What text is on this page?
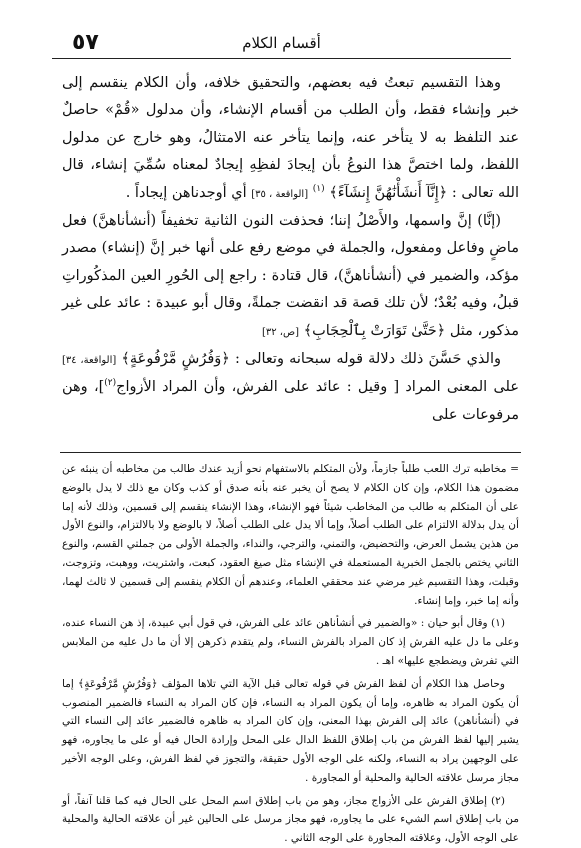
٥٧	أقسام الكلام

وهذا التقسيم تبعتُ فيه بعضهم، والتحقيق خلافه، وأن الكلام ينقسم إلى خبر وإنشاء فقط، وأن الطلب من أقسام الإنشاء، وأن مدلول «قُمْ» حاصلٌ عند التلفظ به لا يتأخر عنه، وإنما يتأخر عنه الامتثالُ، وهو خارج عن مدلول اللفظ، ولما اختصَّ هذا النوعُ بأن إيجادَ لفظِهِ إيجادٌ لمعناه سُمِّيَ إنشاء، قال الله تعالى : ﴿إِنَّآ أَنشَأْنَٰهُنَّ إِنشَآءً﴾ $^{(١)}$ [الواقعة ، ٣٥] أي أوجدناهن إيجاداً .

(إنَّا) إنَّ واسمها، والأَصْلُ إننا؛ فحذفت النون الثانية تخفيفاً (أنشأناهنَّ) فعل ماضٍ وفاعل ومفعول، والجملة في موضع رفع على أنها خبر إنَّ (إنشاء) مصدر مؤكد، والضمير في (أنشأناهنَّ)، قال قتادة : راجع إلى الحُورِ العين المذكُوراتِ قبلُ، وفيه بُعْدٌ؛ لأن تلك قصة قد انقضت جملةً، وقال أبو عبيدة : عائد على غير مذكور، مثل ﴿حَتَّىٰ تَوَارَتْ بِٱلْحِجَابِ﴾ [ص، ٣٢]

والذي حَسَّنَ ذلك دلالة قوله سبحانه وتعالى : ﴿وَفُرُشٍ مَّرْفُوعَةٍ﴾ [الواقعة، ٣٤] على المعنى المراد [ وقيل : عائد على الفرش، وأن المراد الأزواج$^{(٢)}$]، وهن مرفوعات على

= مخاطبه ترك اللعب طلباً جازماً، ولأن المتكلم بالاستفهام نحو أزيد عندك طالب من مخاطبه أن ينبئه عن مضمون هذا الكلام، وإن كان الكلام لا يصح أن يخبر عنه بأنه صدق أو كذب وكان مع ذلك لا يدل بالوضع على أن المتكلم به طالب من المخاطب شيئاً فهو الإنشاء، وهذا الإنشاء ينقسم إلى قسمين، وذلك لأنه إما أن يدل بدلالة الالتزام على الطلب أصلاً، وإما ألا يدل على الطلب أصلاً، لا بالوضع ولا بالالتزام، والنوع الأول من هذين يشمل العرض، والتحضيض، والتمني، والترجي، والنداء، والجملة الأولى من جملتي القسم، والنوع الثاني يختص بالجمل الخبرية المستعملة في الإنشاء مثل صيغ العقود، كبعت، واشتريت، ووهبت، وتزوجت، وقبلت، وهذا التقسيم غير مرضي عند محققي العلماء، وعندهم أن الكلام ينقسم إلى قسمين لا ثالث لهما، وأنه إما خبر، وإما إنشاء.

(١) وقال أبو حيان : «والضمير في أنشأناهن عائد على الفرش، في قول أبي عبيدة، إذ هن النساء عنده، وعلى ما دل عليه الفرش إذ كان المراد بالفرش النساء، ولم يتقدم ذكرهن إلا أن ما دل عليه من الملابس التي تفرش ويضطجع عليها» اهـ .

وحاصل هذا الكلام أن لفظ الفرش في قوله تعالى قبل الآية التي تلاها المؤلف ﴿وَفُرُشٍ مَّرْفُوعَةٍ﴾ إما أن يكون المراد به ظاهره، وإما أن يكون المراد به النساء، فإن كان المراد به النساء فالضمير المنصوب في (أنشأناهن) عائد إلى الفرش بهذا المعنى، وإن كان المراد به ظاهره فالضمير عائد إلى النساء التي يشير إليها لفظ الفرش من باب إطلاق اللفظ الدال على المحل وإرادة الحال فيه أو على ما يجاوره، فهو على الوجهين يراد به النساء، ولكنه على الوجه الأول حقيقة، والتجوز في لفظ الفرش، وعلى الوجه الأخير مجاز مرسل علاقته الحالية والمحلية أو المجاورة .

(٢) إطلاق الفرش على الأزواج مجاز، وهو من باب إطلاق اسم المحل على الحال فيه كما قلنا آنفاً، أو من باب إطلاق اسم الشيء على ما يجاوره، فهو مجاز مرسل على الحالين غير أن علاقته الحالية والمحلية على الوجه الأول، وعلاقته المجاورة على الوجه الثاني .
